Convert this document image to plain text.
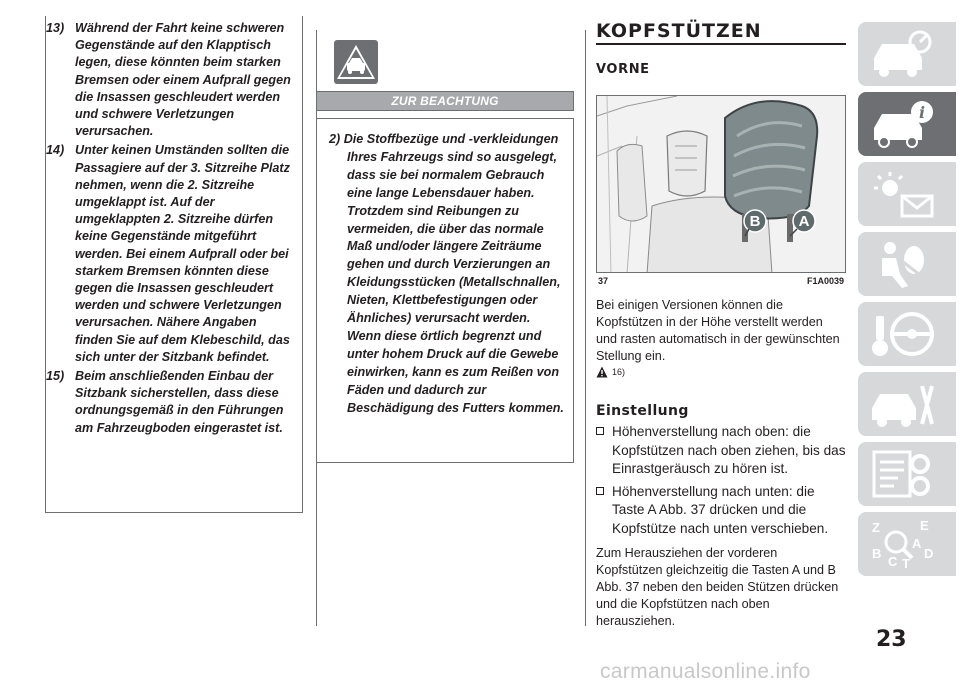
13) Während der Fahrt keine schweren Gegenstände auf den Klapptisch legen, diese könnten beim starken Bremsen oder einem Aufprall gegen die Insassen geschleudert werden und schwere Verletzungen verursachen.
14) Unter keinen Umständen sollten die Passagiere auf der 3. Sitzreihe Platz nehmen, wenn die 2. Sitzreihe umgeklappt ist. Auf der umgeklappten 2. Sitzreihe dürfen keine Gegenstände mitgeführt werden. Bei einem Aufprall oder bei starkem Bremsen könnten diese gegen die Insassen geschleudert werden und schwere Verletzungen verursachen. Nähere Angaben finden Sie auf dem Klebeschild, das sich unter der Sitzbank befindet.
15) Beim anschließenden Einbau der Sitzbank sicherstellen, dass diese ordnungsgemäß in den Führungen am Fahrzeugboden eingerastet ist.
ZUR BEACHTUNG
2) Die Stoffbezüge und -verkleidungen Ihres Fahrzeugs sind so ausgelegt, dass sie bei normalem Gebrauch eine lange Lebensdauer haben. Trotzdem sind Reibungen zu vermeiden, die über das normale Maß und/oder längere Zeiträume gehen und durch Verzierungen an Kleidungsstücken (Metallschnallen, Nieten, Klettbefestigungen oder Ähnliches) verursacht werden. Wenn diese örtlich begrenzt und unter hohem Druck auf die Gewebe einwirken, kann es zum Reißen von Fäden und dadurch zur Beschädigung des Futters kommen.
KOPFSTÜTZEN
VORNE
B	A
37	F1A0039
Bei einigen Versionen können die Kopfstützen in der Höhe verstellt werden und rasten automatisch in der gewünschten Stellung ein.
16)
Einstellung
Höhenverstellung nach oben: die Kopfstützen nach oben ziehen, bis das Einrastgeräusch zu hören ist.
Höhenverstellung nach unten: die Taste A Abb. 37 drücken und die Kopfstütze nach unten verschieben.
Zum Herausziehen der vorderen Kopfstützen gleichzeitig die Tasten A und B Abb. 37 neben den beiden Stützen drücken und die Kopfstützen nach oben herausziehen.
i
Z	E
B	D
C T
A
23
carmanualsonline.info
